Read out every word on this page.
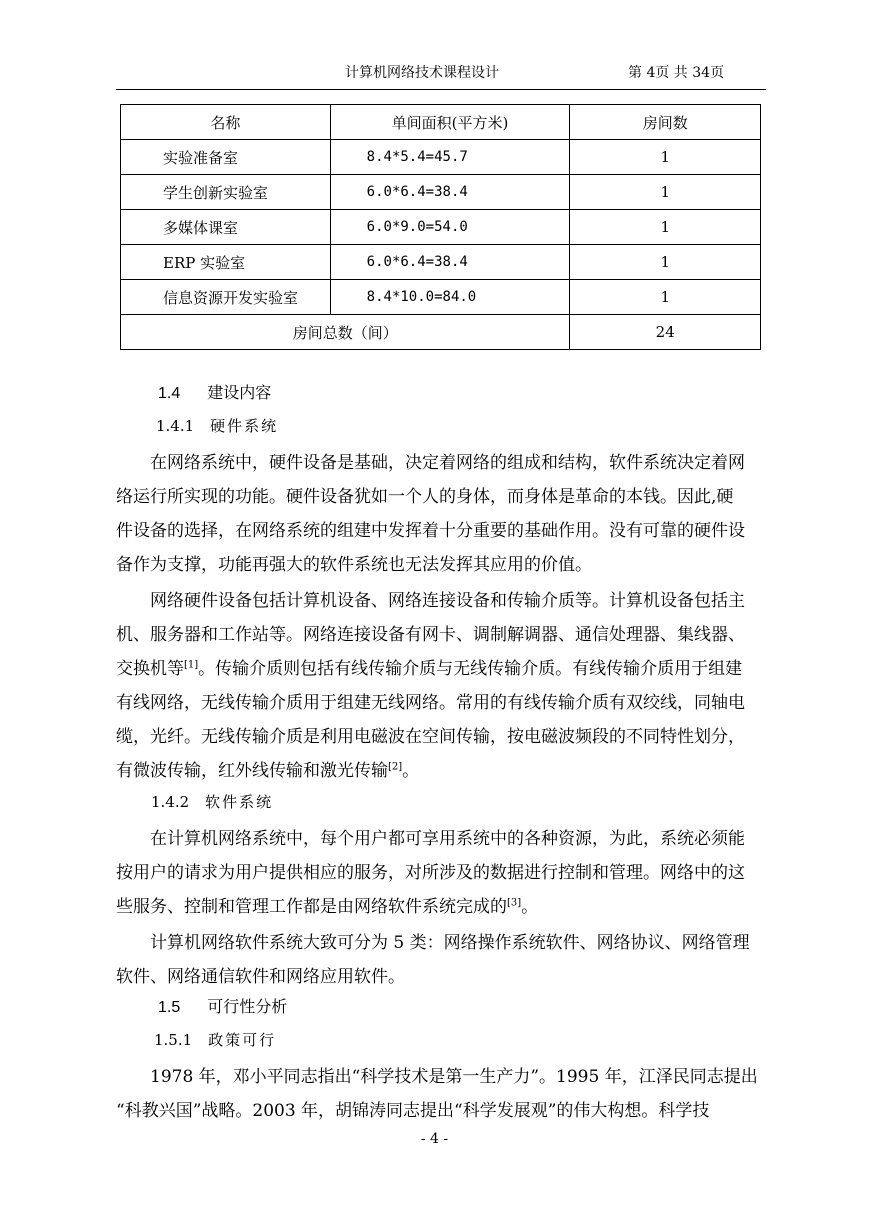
计算机网络技术课程设计	第 4页 共 34页
名称	单间面积(平方米)	房间数
实验准备室	8.4*5.4=45.7	1
学生创新实验室	6.0*6.4=38.4	1
多媒体课室	6.0*9.0=54.0	1
ERP 实验室	6.0*6.4=38.4	1
信息资源开发实验室	8.4*10.0=84.0	1
房间总数（间）		24
1.4 建设内容
1.4.1 硬件系统
在网络系统中，硬件设备是基础，决定着网络的组成和结构，软件系统决定着网
络运行所实现的功能。硬件设备犹如一个人的身体，而身体是革命的本钱。因此,硬
件设备的选择，在网络系统的组建中发挥着十分重要的基础作用。没有可靠的硬件设
备作为支撑，功能再强大的软件系统也无法发挥其应用的价值。
网络硬件设备包括计算机设备、网络连接设备和传输介质等。计算机设备包括主
机、服务器和工作站等。网络连接设备有网卡、调制解调器、通信处理器、集线器、
交换机等[1]。传输介质则包括有线传输介质与无线传输介质。有线传输介质用于组建
有线网络，无线传输介质用于组建无线网络。常用的有线传输介质有双绞线，同轴电
缆，光纤。无线传输介质是利用电磁波在空间传输，按电磁波频段的不同特性划分，
有微波传输，红外线传输和激光传输[2]。
1.4.2 软件系统
在计算机网络系统中，每个用户都可享用系统中的各种资源，为此，系统必须能
按用户的请求为用户提供相应的服务，对所涉及的数据进行控制和管理。网络中的这
些服务、控制和管理工作都是由网络软件系统完成的[3]。
计算机网络软件系统大致可分为 5 类：网络操作系统软件、网络协议、网络管理
软件、网络通信软件和网络应用软件。
1.5 可行性分析
1.5.1 政策可行
1978 年，邓小平同志指出“科学技术是第一生产力”。1995 年，江泽民同志提出
“科教兴国”战略。2003 年，胡锦涛同志提出“科学发展观”的伟大构想。科学技
- 4 -
